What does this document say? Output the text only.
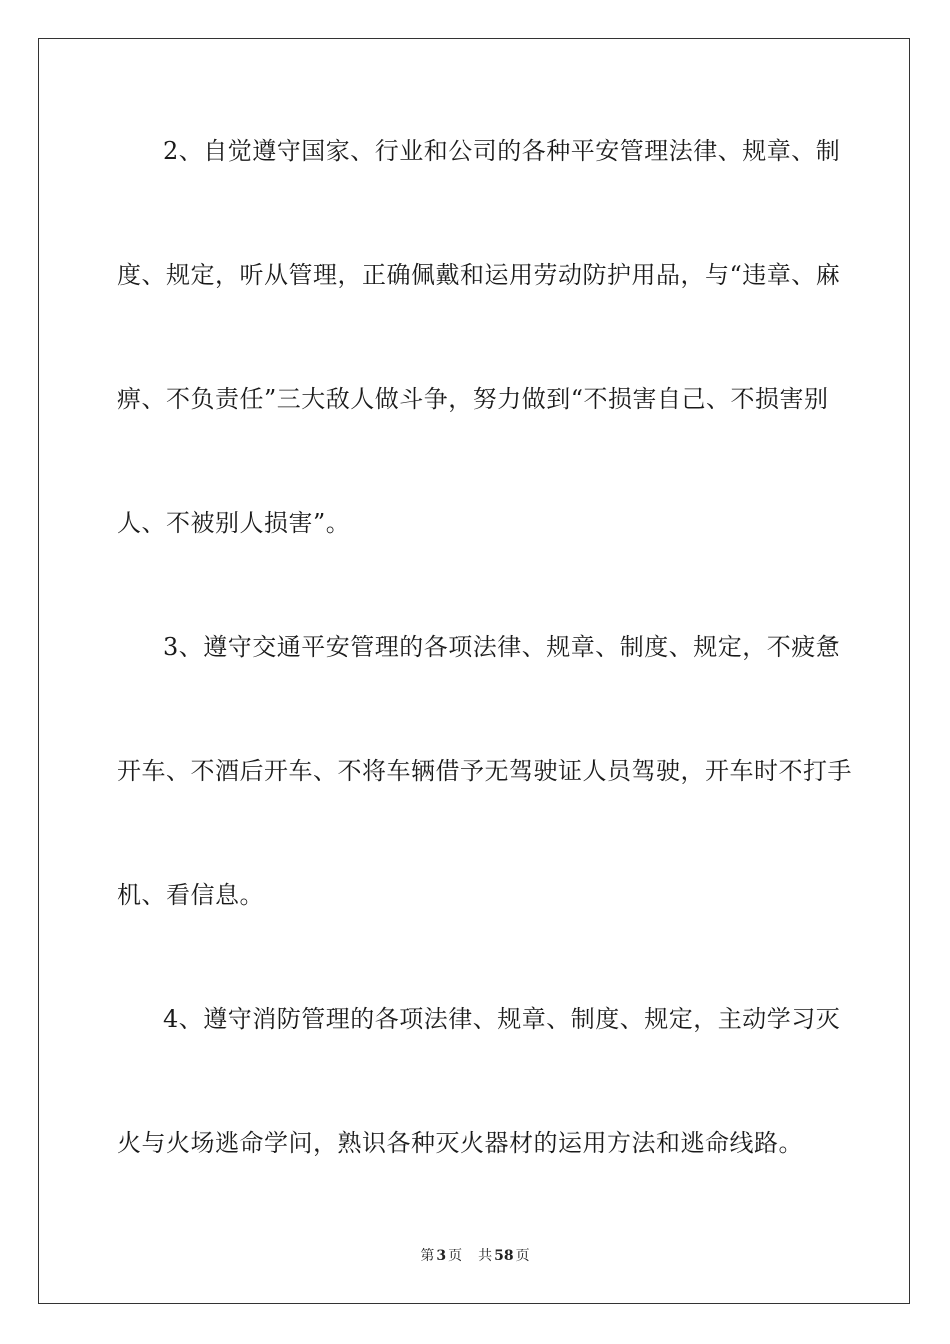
2、自觉遵守国家、行业和公司的各种平安管理法律、规章、制
度、规定，听从管理，正确佩戴和运用劳动防护用品，与“违章、麻
痹、不负责任”三大敌人做斗争，努力做到“不损害自己、不损害别
人、不被别人损害”。
3、遵守交通平安管理的各项法律、规章、制度、规定，不疲惫
开车、不酒后开车、不将车辆借予无驾驶证人员驾驶，开车时不打手
机、看信息。
4、遵守消防管理的各项法律、规章、制度、规定，主动学习灭
火与火场逃命学问，熟识各种灭火器材的运用方法和逃命线路。
第 3 页 共 58 页
